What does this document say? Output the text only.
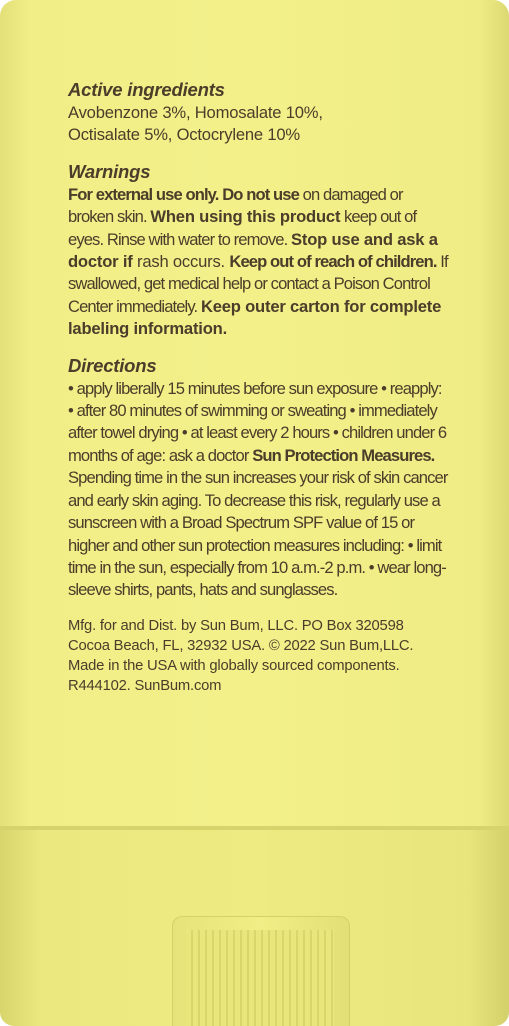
Active ingredients

Avobenzone 3%, Homosalate 10%,

Octisalate 5%, Octocrylene 10%

Warnings

For external use only. Do not use on damaged or broken skin. When using this product keep out of eyes. Rinse with water to remove. Stop use and ask a doctor if rash occurs. Keep out of reach of children. If swallowed, get medical help or contact a Poison Control Center immediately. Keep outer carton for complete labeling information.

Directions

• apply liberally 15 minutes before sun exposure • reapply: • after 80 minutes of swimming or sweating • immediately after towel drying • at least every 2 hours • children under 6 months of age: ask a doctor Sun Protection Measures. Spending time in the sun increases your risk of skin cancer and early skin aging. To decrease this risk, regularly use a sunscreen with a Broad Spectrum SPF value of 15 or higher and other sun protection measures including: • limit time in the sun, especially from 10 a.m.-2 p.m. • wear long-sleeve shirts, pants, hats and sunglasses.

Mfg. for and Dist. by Sun Bum, LLC. PO Box 320598
Cocoa Beach, FL, 32932 USA. © 2022 Sun Bum,LLC.
Made in the USA with globally sourced components.
R444102. SunBum.com
